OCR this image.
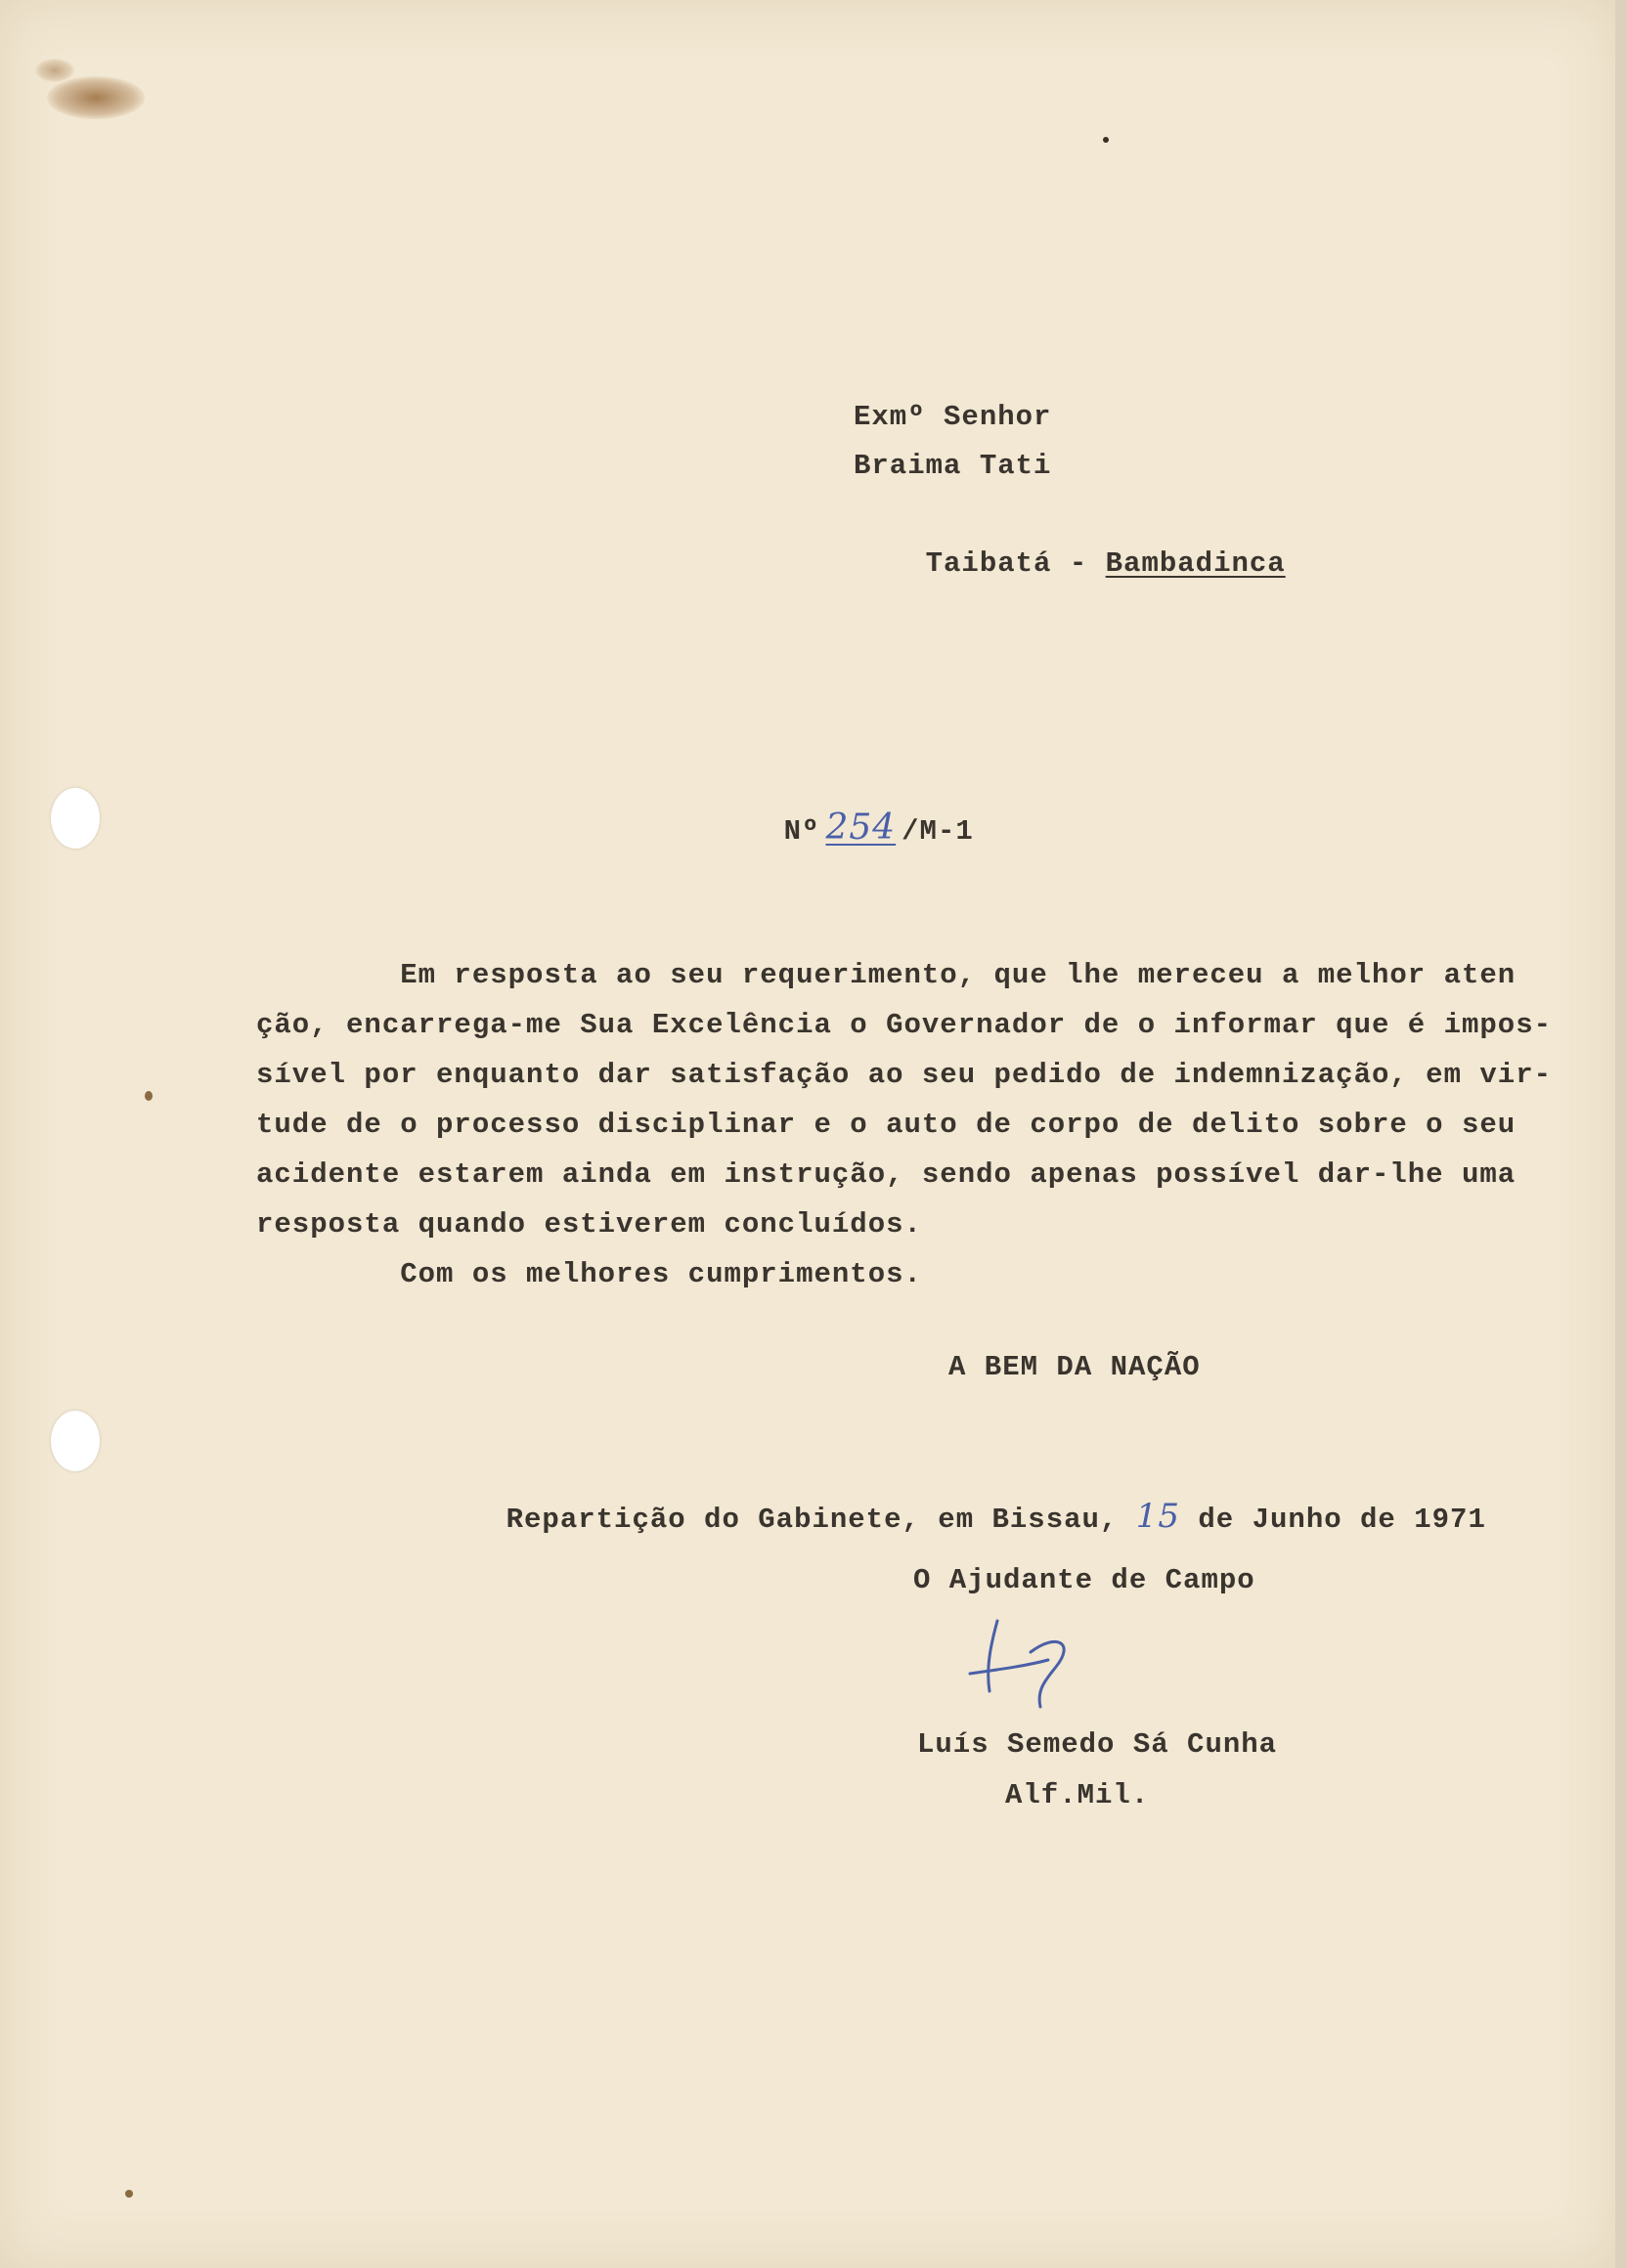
Exmº Senhor
Braima Tati

Taibatá - Bambadinca

Nº 254 /M-1

Em resposta ao seu requerimento, que lhe mereceu a melhor aten
ção, encarrega-me Sua Excelência o Governador de o informar que é impos-
sível por enquanto dar satisfação ao seu pedido de indemnização, em vir-
tude de o processo disciplinar e o auto de corpo de delito sobre o seu
acidente estarem ainda em instrução, sendo apenas possível dar-lhe uma
resposta quando estiverem concluídos.
Com os melhores cumprimentos.
A BEM DA NAÇÃO

Repartição do Gabinete, em Bissau, 15 de Junho de 1971

O Ajudante de Campo
Luís Semedo Sá Cunha
Alf.Mil.
